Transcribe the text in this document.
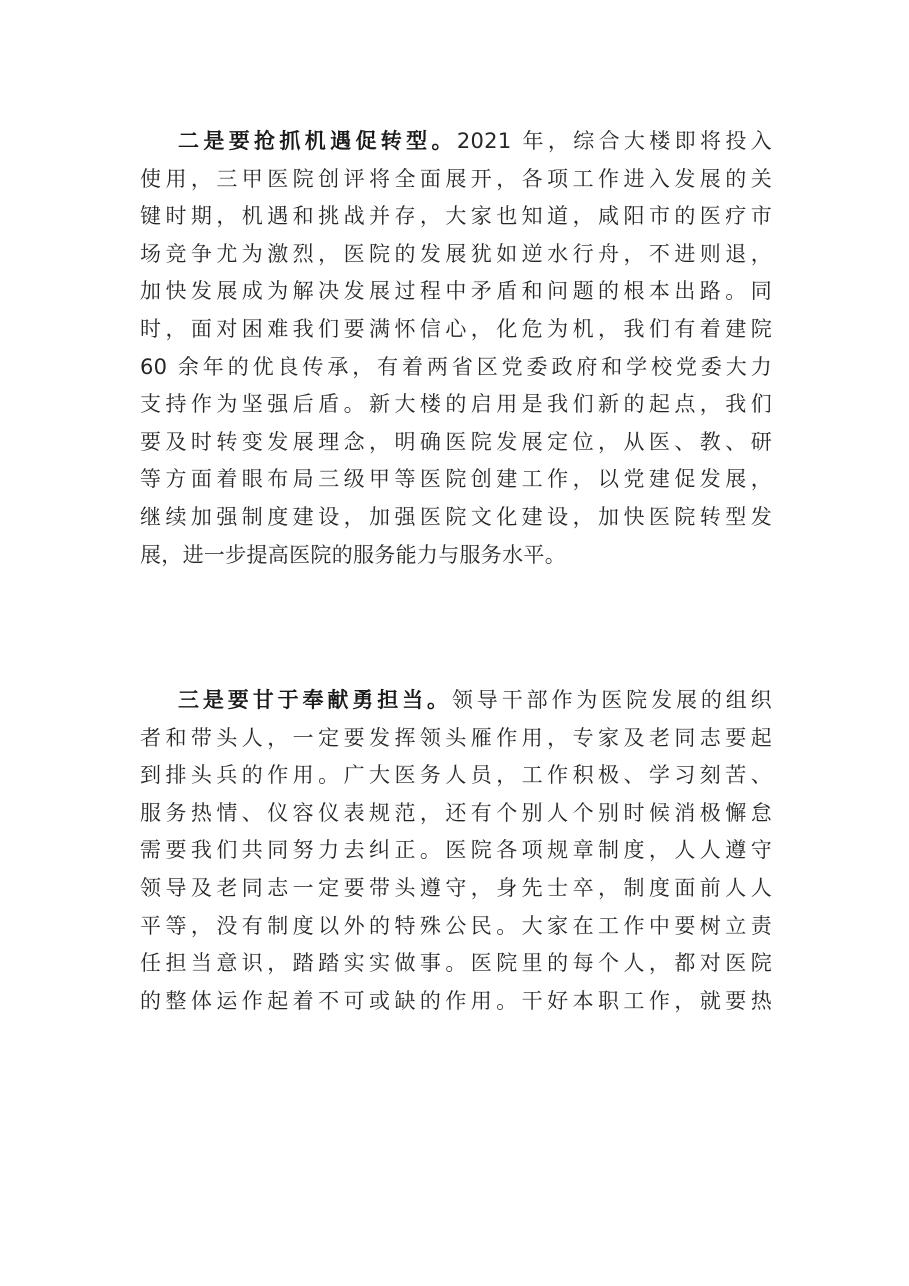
二是要抢抓机遇促转型。2021 年，综合大楼即将投入
使用，三甲医院创评将全面展开，各项工作进入发展的关
键时期，机遇和挑战并存，大家也知道，咸阳市的医疗市
场竞争尤为激烈，医院的发展犹如逆水行舟，不进则退，
加快发展成为解决发展过程中矛盾和问题的根本出路。同
时，面对困难我们要满怀信心，化危为机，我们有着建院
60 余年的优良传承，有着两省区党委政府和学校党委大力
支持作为坚强后盾。新大楼的启用是我们新的起点，我们
要及时转变发展理念，明确医院发展定位，从医、教、研
等方面着眼布局三级甲等医院创建工作，以党建促发展，
继续加强制度建设，加强医院文化建设，加快医院转型发
展，进一步提高医院的服务能力与服务水平。
三是要甘于奉献勇担当。领导干部作为医院发展的组织
者和带头人，一定要发挥领头雁作用，专家及老同志要起
到排头兵的作用。广大医务人员，工作积极、学习刻苦、
服务热情、仪容仪表规范，还有个别人个别时候消极懈怠
需要我们共同努力去纠正。医院各项规章制度，人人遵守
领导及老同志一定要带头遵守，身先士卒，制度面前人人
平等，没有制度以外的特殊公民。大家在工作中要树立责
任担当意识，踏踏实实做事。医院里的每个人，都对医院
的整体运作起着不可或缺的作用。干好本职工作，就要热
